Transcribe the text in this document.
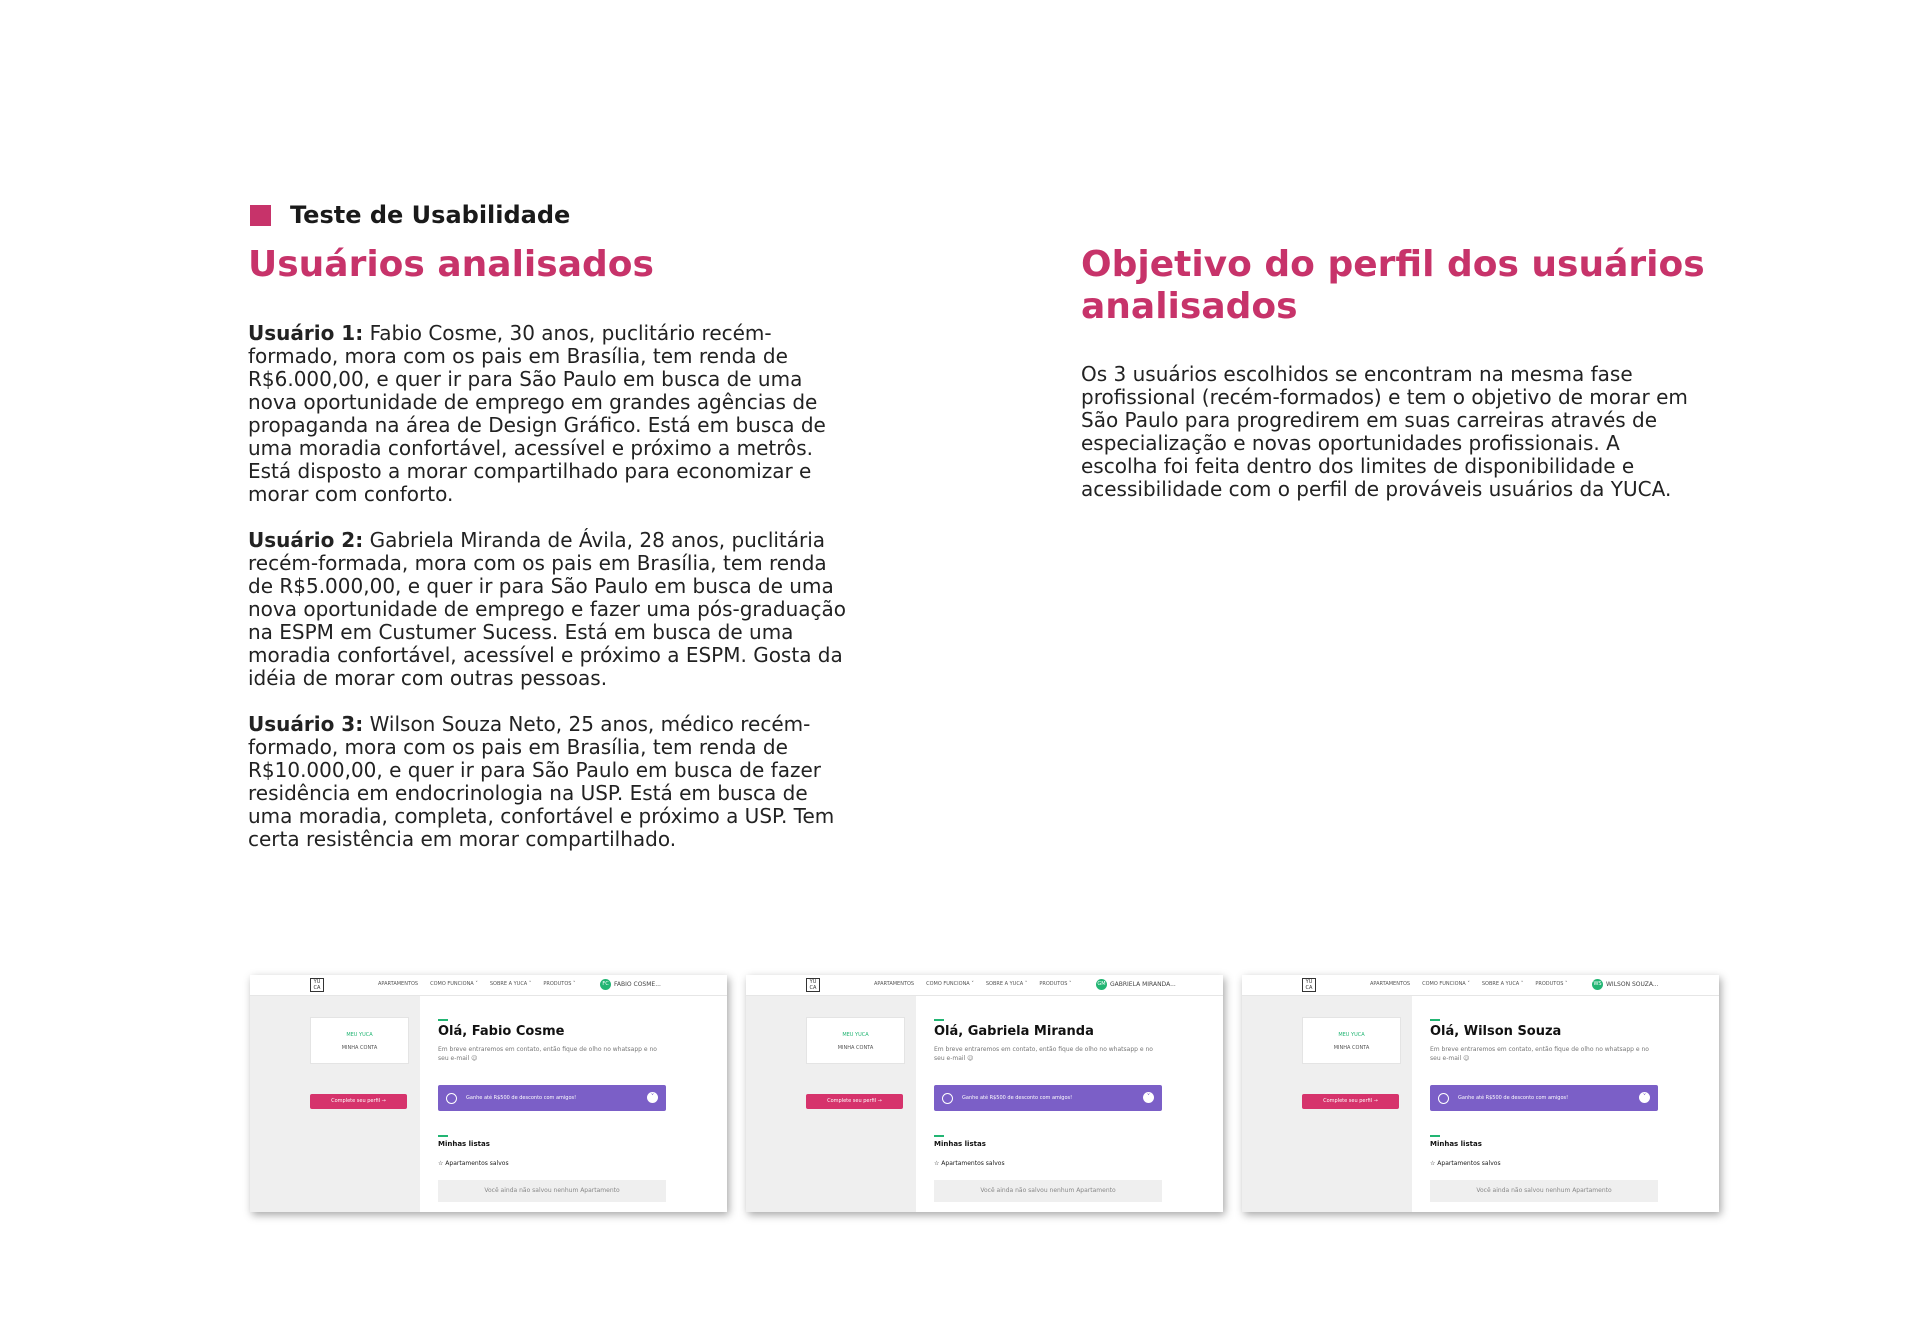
Teste de Usabilidade
Usuários analisados	Objetivo do perfil dos usuários analisados

Usuário 1: Fabio Cosme, 30 anos, puclitário recém-formado, mora com os pais em Brasília, tem renda de R$6.000,00, e quer ir para São Paulo em busca de uma nova oportunidade de emprego em grandes agências de propaganda na área de Design Gráfico. Está em busca de uma moradia confortável, acessível e próximo a metrôs. Está disposto a morar compartilhado para economizar e morar com conforto.

Usuário 2: Gabriela Miranda de Ávila, 28 anos, puclitária recém-formada, mora com os pais em Brasília, tem renda de R$5.000,00, e quer ir para São Paulo em busca de uma nova oportunidade de emprego e fazer uma pós-graduação na ESPM em Custumer Sucess. Está em busca de uma moradia confortável, acessível e próximo a ESPM. Gosta da idéia de morar com outras pessoas.

Usuário 3: Wilson Souza Neto, 25 anos, médico recém-formado, mora com os pais em Brasília, tem renda de R$10.000,00, e quer ir para São Paulo em busca de fazer residência em endocrinologia na USP. Está em busca de uma moradia, completa, confortável e próximo a USP. Tem certa resistência em morar compartilhado.

Os 3 usuários escolhidos se encontram na mesma fase profissional (recém-formados) e tem o objetivo de morar em São Paulo para progredirem em suas carreiras através de especialização e novas oportunidades profissionais. A escolha foi feita dentro dos limites de disponibilidade e acessibilidade com o perfil de prováveis usuários da YUCA.

YU CA
APARTAMENTOS COMO FUNCIONA ˅ SOBRE A YUCA ˅ PRODUTOS ˅	FC FABIO COSME...
MEU YUCA
MINHA CONTA
Complete seu perfil →
Olá, Fabio Cosme
Em breve entraremos em contato, então fique de olho no whatsapp e no seu e-mail 😉
Ganhe até R$500 de desconto com amigos!	˅
Minhas listas
☆ Apartamentos salvos
Você ainda não salvou nenhum Apartamento
YU CA
APARTAMENTOS COMO FUNCIONA ˅ SOBRE A YUCA ˅ PRODUTOS ˅	GM GABRIELA MIRANDA...
MEU YUCA
MINHA CONTA
Complete seu perfil →
Olá, Gabriela Miranda
Em breve entraremos em contato, então fique de olho no whatsapp e no seu e-mail 😉
Ganhe até R$500 de desconto com amigos!	˅
Minhas listas
☆ Apartamentos salvos
Você ainda não salvou nenhum Apartamento
YU CA
APARTAMENTOS COMO FUNCIONA ˅ SOBRE A YUCA ˅ PRODUTOS ˅	WS WILSON SOUZA...
MEU YUCA
MINHA CONTA
Complete seu perfil →
Olá, Wilson Souza
Em breve entraremos em contato, então fique de olho no whatsapp e no seu e-mail 😉
Ganhe até R$500 de desconto com amigos!	˅
Minhas listas
☆ Apartamentos salvos
Você ainda não salvou nenhum Apartamento
